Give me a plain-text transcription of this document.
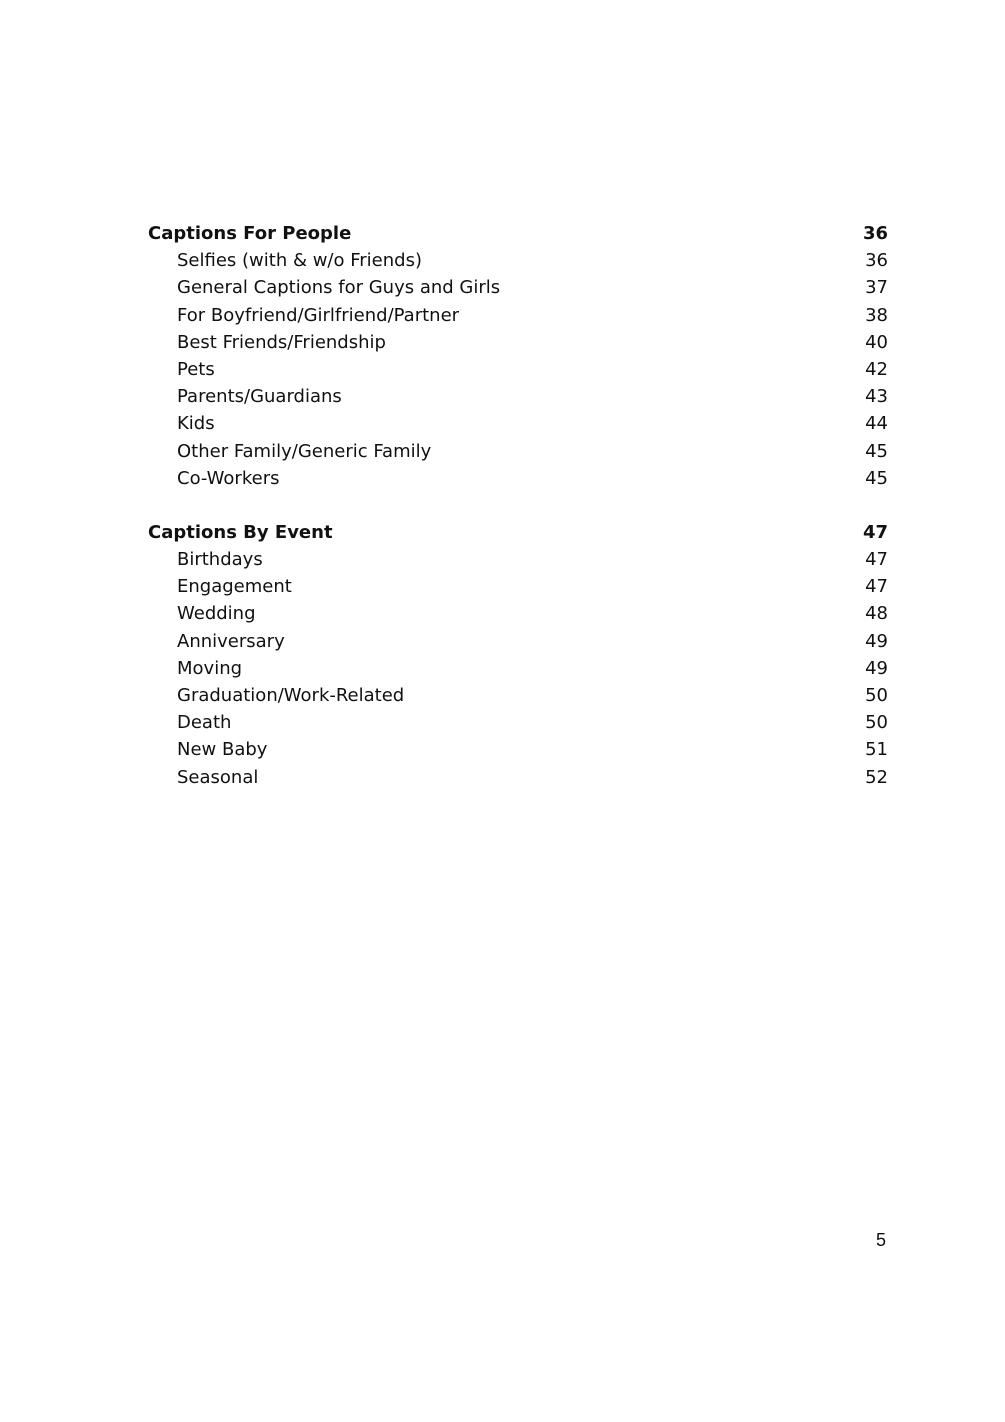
Captions For People	36
Selfies (with & w/o Friends)	36
General Captions for Guys and Girls	37
For Boyfriend/Girlfriend/Partner	38
Best Friends/Friendship	40
Pets	42
Parents/Guardians	43
Kids	44
Other Family/Generic Family	45
Co-Workers	45
Captions By Event	47
Birthdays	47
Engagement	47
Wedding	48
Anniversary	49
Moving	49
Graduation/Work-Related	50
Death	50
New Baby	51
Seasonal	52
5
